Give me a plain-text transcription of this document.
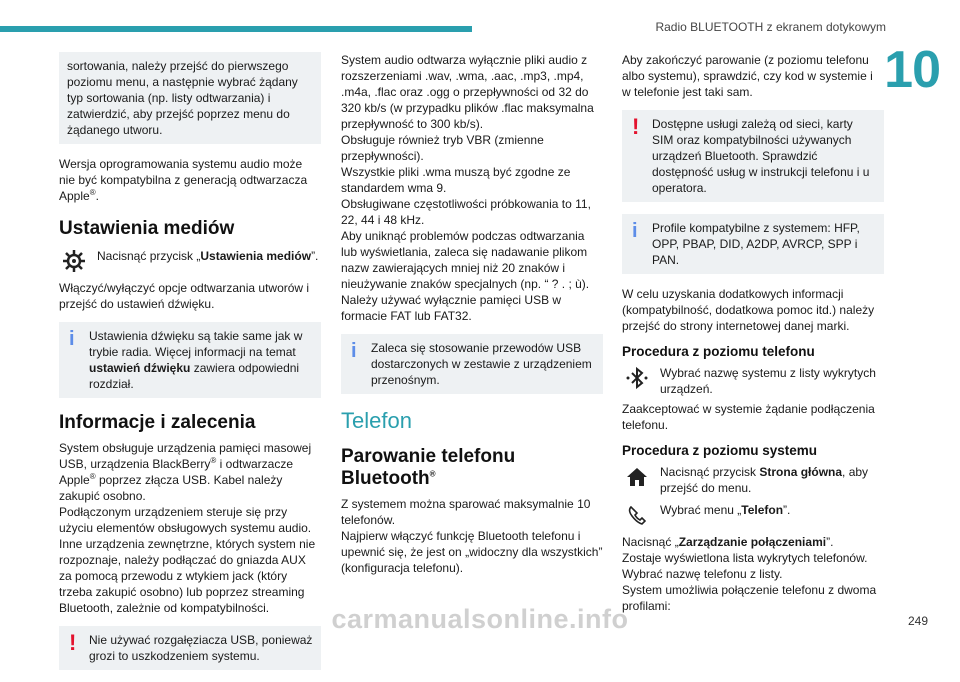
Radio BLUETOOTH z ekranem dotykowym
10
sortowania, należy przejść do pierwszego poziomu menu, a następnie wybrać żądany typ sortowania (np. listy odtwarzania) i zatwierdzić, aby przejść poprzez menu do żądanego utworu.

Wersja oprogramowania systemu audio może nie być kompatybilna z generacją odtwarzacza Apple®.

Ustawienia mediów
Nacisnąć przycisk „Ustawienia mediów”.

Włączyć/wyłączyć opcje odtwarzania utworów i przejść do ustawień dźwięku.

i Ustawienia dźwięku są takie same jak w trybie radia. Więcej informacji na temat ustawień dźwięku zawiera odpowiedni rozdział.
Informacje i zalecenia

System obsługuje urządzenia pamięci masowej USB, urządzenia BlackBerry® i odtwarzacze Apple® poprzez złącza USB. Kabel należy zakupić osobno.
Podłączonym urządzeniem steruje się przy użyciu elementów obsługowych systemu audio.
Inne urządzenia zewnętrzne, których system nie rozpoznaje, należy podłączać do gniazda AUX za pomocą przewodu z wtykiem jack (który trzeba zakupić osobno) lub poprzez streaming Bluetooth, zależnie od kompatybilności.

! Nie używać rozgałęziacza USB, ponieważ grozi to uszkodzeniem systemu.

System audio odtwarza wyłącznie pliki audio z rozszerzeniami .wav, .wma, .aac, .mp3, .mp4, .m4a, .flac oraz .ogg o przepływności od 32 do 320 kb/s (w przypadku plików .flac maksymalna przepływność to 300 kb/s).
Obsługuje również tryb VBR (zmienne przepływności).
Wszystkie pliki .wma muszą być zgodne ze standardem wma 9.
Obsługiwane częstotliwości próbkowania to 11, 22, 44 i 48 kHz.
Aby uniknąć problemów podczas odtwarzania lub wyświetlania, zaleca się nadawanie plikom nazw zawierających mniej niż 20 znaków i nieużywanie znaków specjalnych (np. “ ? . ; ù).
Należy używać wyłącznie pamięci USB w formacie FAT lub FAT32.

i Zaleca się stosowanie przewodów USB dostarczonych w zestawie z urządzeniem przenośnym.
Telefon
Parowanie telefonu Bluetooth®

Z systemem można sparować maksymalnie 10 telefonów.
Najpierw włączyć funkcję Bluetooth telefonu i upewnić się, że jest on „widoczny dla wszystkich” (konfiguracja telefonu).

Aby zakończyć parowanie (z poziomu telefonu albo systemu), sprawdzić, czy kod w systemie i w telefonie jest taki sam.

! Dostępne usługi zależą od sieci, karty SIM oraz kompatybilności używanych urządzeń Bluetooth. Sprawdzić dostępność usług w instrukcji telefonu i u operatora.
i Profile kompatybilne z systemem: HFP, OPP, PBAP, DID, A2DP, AVRCP, SPP i PAN.

W celu uzyskania dodatkowych informacji (kompatybilność, dodatkowa pomoc itd.) należy przejść do strony internetowej danej marki.

Procedura z poziomu telefonu
Wybrać nazwę systemu z listy wykrytych urządzeń.

Zaakceptować w systemie żądanie podłączenia telefonu.

Procedura z poziomu systemu
Nacisnąć przycisk Strona główna, aby przejść do menu.
Wybrać menu „Telefon”.

Nacisnąć „Zarządzanie połączeniami”.
Zostaje wyświetlona lista wykrytych telefonów.
Wybrać nazwę telefonu z listy.
System umożliwia połączenie telefonu z dwoma profilami:

carmanualsonline.info	249
